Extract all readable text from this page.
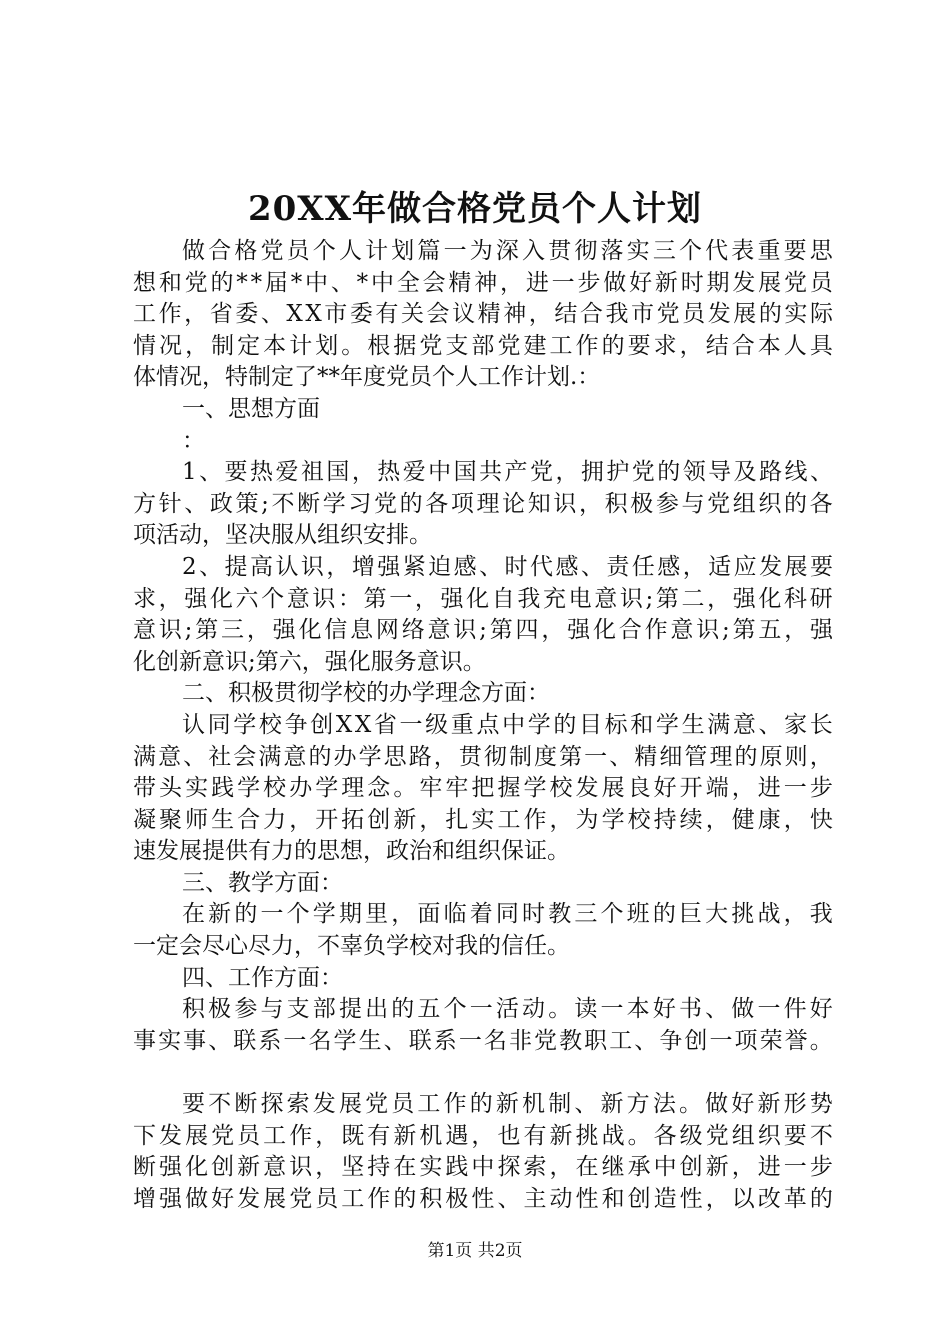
20XX年做合格党员个人计划
做 合 格 党 员 个 人 计 划 篇 一 为 深 入 贯 彻 落 实 三 个 代 表 重 要 思
想 和 党 的 * * 届 * 中 、 * 中 全 会 精 神 ， 进 一 步 做 好 新 时 期 发 展 党 员
工 作 ， 省 委 、 X X 市 委 有 关 会 议 精 神 ， 结 合 我 市 党 员 发 展 的 实 际
情 况 ， 制 定 本 计 划 。 根 据 党 支 部 党 建 工 作 的 要 求 ， 结 合 本 人 具
体情况，特制定了**年度党员个人工作计划.：
一、思想方面
：
1 、 要 热 爱 祖 国 ， 热 爱 中 国 共 产 党 ， 拥 护 党 的 领 导 及 路 线 、
方 针 、 政 策 ; 不 断 学 习 党 的 各 项 理 论 知 识 ， 积 极 参 与 党 组 织 的 各
项活动，坚决服从组织安排。
2 、 提 高 认 识 ， 增 强 紧 迫 感 、 时 代 感 、 责 任 感 ， 适 应 发 展 要
求 ， 强 化 六 个 意 识 ： 第 一 ， 强 化 自 我 充 电 意 识 ; 第 二 ， 强 化 科 研
意 识 ; 第 三 ， 强 化 信 息 网 络 意 识 ; 第 四 ， 强 化 合 作 意 识 ; 第 五 ， 强
化创新意识;第六，强化服务意识。
二、积极贯彻学校的办学理念方面：
认 同 学 校 争 创 X X 省 一 级 重 点 中 学 的 目 标 和 学 生 满 意 、 家 长
满 意 、 社 会 满 意 的 办 学 思 路 ， 贯 彻 制 度 第 一 、 精 细 管 理 的 原 则 ，
带 头 实 践 学 校 办 学 理 念 。 牢 牢 把 握 学 校 发 展 良 好 开 端 ， 进 一 步
凝 聚 师 生 合 力 ， 开 拓 创 新 ， 扎 实 工 作 ， 为 学 校 持 续 ， 健 康 ， 快
速发展提供有力的思想，政治和组织保证。
三、教学方面：
在 新 的 一 个 学 期 里 ， 面 临 着 同 时 教 三 个 班 的 巨 大 挑 战 ， 我
一定会尽心尽力，不辜负学校对我的信任。
四、工作方面：
积 极 参 与 支 部 提 出 的 五 个 一 活 动 。 读 一 本 好 书 、 做 一 件 好
事 实 事 、 联 系 一 名 学 生 、 联 系 一 名 非 党 教 职 工 、 争 创 一 项 荣 誉 。
要 不 断 探 索 发 展 党 员 工 作 的 新 机 制 、 新 方 法 。 做 好 新 形 势
下 发 展 党 员 工 作 ， 既 有 新 机 遇 ， 也 有 新 挑 战 。 各 级 党 组 织 要 不
断 强 化 创 新 意 识 ， 坚 持 在 实 践 中 探 索 ， 在 继 承 中 创 新 ， 进 一 步
增 强 做 好 发 展 党 员 工 作 的 积 极 性 、 主 动 性 和 创 造 性 ， 以 改 革 的
第1页 共2页
